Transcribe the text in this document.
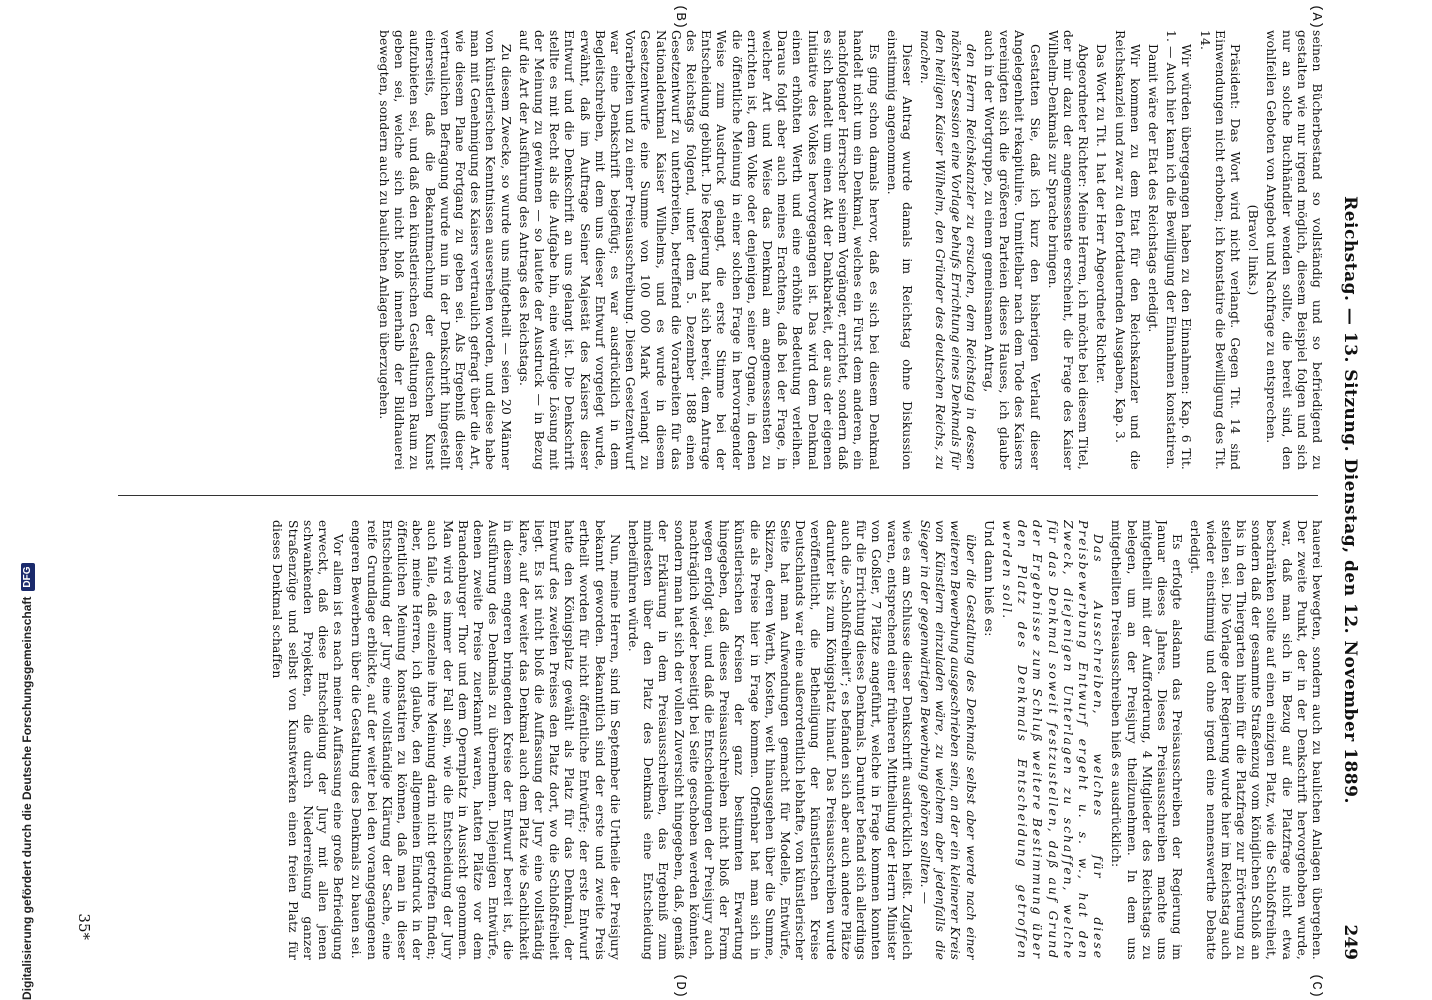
Reichstag. — 13. Sitzung. Dienstag, den 12. November 1889.
249
(A)
(B)
(C)
(D)

seinen Bücherbestand so vollständig und so befriedigend zu gestalten wie nur irgend möglich, diesem Beispiel folgen und sich nur an solche Buchhändler wenden sollte, die bereit sind, den wohlfeilen Geboten von Angebot und Nachfrage zu entsprechen.

(Bravo! links.)

Präsident: Das Wort wird nicht verlangt. Gegen Tit. 14 sind Einwendungen nicht erhoben; ich konstatire die Bewilligung des Tit. 14.

Wir würden übergegangen haben zu den Einnahmen: Kap. 6 Tit. 1. — Auch hier kann ich die Bewilligung der Einnahmen konstatiren.

Damit wäre der Etat des Reichstags erledigt.

Wir kommen zu dem Etat für den Reichskanzler und die Reichskanzlei und zwar zu den fortdauernden Ausgaben, Kap. 3.

Das Wort zu Tit. 1 hat der Herr Abgeordnete Richter.

Abgeordneter Richter: Meine Herren, ich möchte bei diesem Titel, der mir dazu der angemessenste erscheint, die Frage des Kaiser Wilhelm-Denkmals zur Sprache bringen.

Gestatten Sie, daß ich kurz den bisherigen Verlauf dieser Angelegenheit rekapitulire. Unmittelbar nach dem Tode des Kaisers vereinigten sich die größeren Parteien dieses Hauses, ich glaube auch in der Wortgruppe, zu einem gemeinsamen Antrag,

den Herrn Reichskanzler zu ersuchen, dem Reichstag in dessen nächster Session eine Vorlage behufs Errichtung eines Denkmals für den heiligen Kaiser Wilhelm, den Gründer des deutschen Reichs, zu machen.

Dieser Antrag wurde damals im Reichstag ohne Diskussion einstimmig angenommen.

Es ging schon damals hervor, daß es sich bei diesem Denkmal handelt nicht um ein Denkmal, welches ein Fürst dem anderen, ein nachfolgender Herrscher seinem Vorgänger, errichtet, sondern daß es sich handelt um einen Akt der Dankbarkeit, der aus der eigenen Initiative des Volkes hervorgegangen ist. Das wird dem Denkmal einen erhöhten Werth und eine erhöhte Bedeutung verleihen. Daraus folgt aber auch meines Erachtens, daß bei der Frage, in welcher Art und Weise das Denkmal am angemessensten zu errichten ist, dem Volke oder denjenigen, seiner Organe, in denen die öffentliche Meinung in einer solchen Frage in hervorragender Weise zum Ausdruck gelangt, die erste Stimme bei der Entscheidung gebührt. Die Regierung hat sich bereit, dem Antrage des Reichstags folgend, unter dem 5. Dezember 1888 einen Gesetzentwurf zu unterbreiten, betreffend die Vorarbeiten für das Nationaldenkmal Kaiser Wilhelms, und es wurde in diesem Gesetzentwurfe eine Summe von 100 000 Mark verlangt zu Vorarbeiten und zu einer Preisausschreibung. Diesen Gesetzentwurf war eine Denkschrift beigefügt; es war ausdrücklich in dem Begleitschreiben, mit dem uns dieser Entwurf vorgelegt wurde, erwähnt, daß im Auftrage Seiner Majestät des Kaisers dieser Entwurf und die Denkschrift an uns gelangt ist. Die Denkschrift stellte es mit Recht als die Aufgabe hin, eine würdige Lösung mit der Meinung zu gewinnen — so lautete der Ausdruck — in Bezug auf die Art der Ausführung des Antrags des Reichstags.

Zu diesem Zwecke, so wurde uns mitgetheilt — seien 20 Männer von künstlerischen Kenntnissen ausersehen worden, und diese habe man mit Genehmigung des Kaisers vertraulich gefragt über die Art, wie diesem Plane Fortgang zu geben sei. Als Ergebniß dieser vertraulichen Befragung wurde nun in der Denkschrift hingestellt einerseits, daß die Bekanntmachung der deutschen Kunst aufzubieten sei, und daß den künstlerischen Gestaltungen Raum zu geben sei, welche sich nicht bloß innerhalb der Bildhauerei bewegten, sondern auch zu baulichen Anlagen überzugehen.

hauerei bewegten, sondern auch zu baulichen Anlagen übergehen. Der zweite Punkt, der in der Denkschrift hervorgehoben wurde, war, daß man sich in Bezug auf die Platzfrage nicht etwa beschränken sollte auf einen einzigen Platz, wie die Schloßfreiheit, sondern daß der gesammte Straßenzug vom königlichen Schloß an bis in den Thiergarten hinein für die Platzfrage zur Erörterung zu stellen sei. Die Vorlage der Regierung wurde hier im Reichstag auch wieder einstimmig und ohne irgend eine nennenswerthe Debatte erledigt.

Es erfolgte alsdann das Preisausschreiben der Regierung im Januar dieses Jahres. Dieses Preisausschreiben machte uns mitgetheilt mit der Aufforderung, 4 Mitglieder des Reichstags zu belegen, um an der Preisjury theilzunehmen. In dem uns mitgetheilten Preisausschreiben hieß es ausdrücklich:

Das Ausschreiben, welches für diese Preisbewerbung Entwurf ergeht u. s. w., hat den Zweck, diejenigen Unterlagen zu schaffen, welche für das Denkmal soweit festzustellen, daß auf Grund der Ergebnisse zum Schluß weitere Bestimmung über den Platz des Denkmals Entscheidung getroffen werden soll.

Und dann hieß es:

über die Gestaltung des Denkmals selbst aber werde nach einer weiteren Bewerbung ausgeschrieben sein, an der ein kleinerer Kreis von Künstlern einzuladen wäre, zu welchem aber jedenfalls die Sieger in der gegenwärtigen Bewerbung gehören sollten. —

wie es am Schlusse dieser Denkschrift ausdrücklich heißt. Zugleich waren, entsprechend einer früheren Mittheilung der Herrn Minister von Goßler, 7 Plätze angeführt, welche in Frage kommen konnten für die Errichtung dieses Denkmals. Darunter befand sich allerdings auch die „Schloßfreiheit“; es befanden sich aber auch andere Plätze darunter bis zum Königsplatz hinauf. Das Preisausschreiben wurde veröffentlicht, die Betheiligung der künstlerischen Kreise Deutschlands war eine außerordentlich lebhafte, von künstlerischer Seite hat man Aufwendungen gemacht für Modelle, Entwürfe, Skizzen, deren Werth, Kosten, weit hinausgehen über die Summe, die als Preise hier in Frage kommen. Offenbar hat man sich in künstlerischen Kreisen der ganz bestimmten Erwartung hingegeben, daß dieses Preisausschreiben nicht bloß der Form wegen erfolgt sei, und daß die Entscheidungen der Preisjury auch nachträglich wieder beseitigt bei Seite geschoben werden könnten, sondern man hat sich der vollen Zuversicht hingegeben, daß, gemäß der Erklärung in dem Preisausschreiben, das Ergebniß zum mindesten über den Platz des Denkmals eine Entscheidung herbeiführen würde.

Nun, meine Herren, sind im September die Urtheile der Preisjury bekannt geworden. Bekanntlich sind der erste und zweite Preis ertheilt worden für nicht öffentliche Entwürfe; der erste Entwurf hatte den Königsplatz gewählt als Platz für das Denkmal, der Entwurf des zweiten Preises den Platz dort, wo die Schloßfreiheit liegt. Es ist nicht bloß die Auffassung der Jury eine vollständig klare, auf der weiter das Denkmal auch dem Platz wie Sachlichkeit in diesem engeren bringenden Kreise der Entwurf bereit ist, die Ausführung des Denkmals zu übernehmen. Diejenigen Entwürfe, denen zweite Preise zuerkannt waren, hatten Plätze vor dem Brandenburger Thor und dem Opernplatz in Aussicht genommen. Man wird es immer der Fall sein, wie die Entscheidung der Jury auch falle, daß einzelne ihre Meinung darin nicht getroffen finden; aber, meine Herren, ich glaube, den allgemeinen Eindruck in der öffentlichen Meinung konstatiren zu können, daß man in dieser Entscheidung der Jury eine vollständige Klärung der Sache, eine reife Grundlage erblickte, auf der weiter bei den vorangegangenen engeren Bewerbern über die Gestaltung des Denkmals zu bauen sei.

Vor allem ist es nach meiner Auffassung eine große Befriedigung erweckt, daß diese Entscheidung der Jury mit allen jenen schwankenden Projekten, die durch Niederreißung ganzer Straßenzüge und selbst von Kunstwerken einen freien Platz für dieses Denkmal schaffen

35*
Digitalisierung gefördert durch die Deutsche ForschungsgemeinschaftDFG
